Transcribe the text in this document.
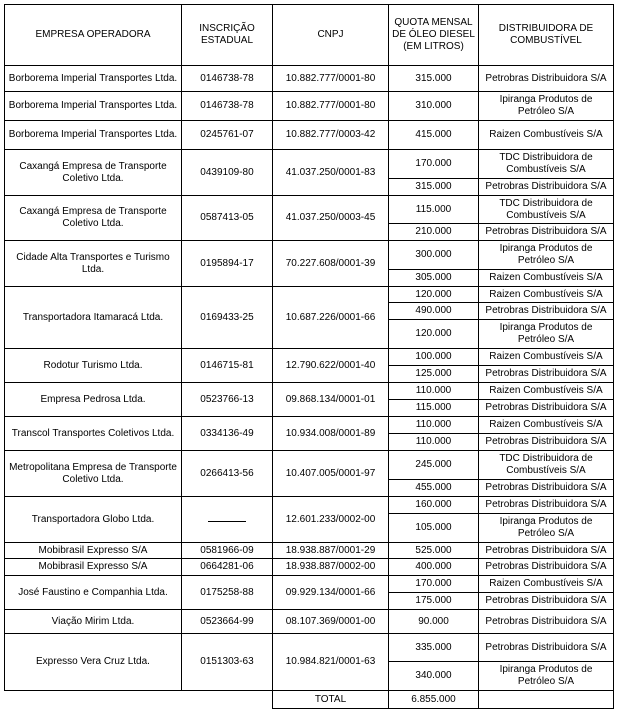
EMPRESA OPERADORA	INSCRIÇÃO ESTADUAL	CNPJ	QUOTA MENSAL DE ÓLEO DIESEL (EM LITROS)	DISTRIBUIDORA DE COMBUSTÍVEL
Borborema Imperial Transportes Ltda.	0146738-78	10.882.777/0001-80	315.000	Petrobras Distribuidora S/A
Borborema Imperial Transportes Ltda.	0146738-78	10.882.777/0001-80	310.000	Ipiranga Produtos de Petróleo S/A
Borborema Imperial Transportes Ltda.	0245761-07	10.882.777/0003-42	415.000	Raizen Combustíveis S/A
Caxangá Empresa de Transporte Coletivo Ltda.	0439109-80	41.037.250/0001-83	170.000	TDC Distribuidora de Combustíveis S/A
			315.000	Petrobras Distribuidora S/A
Caxangá Empresa de Transporte Coletivo Ltda.	0587413-05	41.037.250/0003-45	115.000	TDC Distribuidora de Combustíveis S/A
			210.000	Petrobras Distribuidora S/A
Cidade Alta Transportes e Turismo Ltda.	0195894-17	70.227.608/0001-39	300.000	Ipiranga Produtos de Petróleo S/A
			305.000	Raizen Combustíveis S/A
Transportadora Itamaracá Ltda.	0169433-25	10.687.226/0001-66	120.000	Raizen Combustíveis S/A
			490.000	Petrobras Distribuidora S/A
			120.000	Ipiranga Produtos de Petróleo S/A
Rodotur Turismo Ltda.	0146715-81	12.790.622/0001-40	100.000	Raizen Combustíveis S/A
			125.000	Petrobras Distribuidora S/A
Empresa Pedrosa Ltda.	0523766-13	09.868.134/0001-01	110.000	Raizen Combustíveis S/A
			115.000	Petrobras Distribuidora S/A
Transcol Transportes Coletivos Ltda.	0334136-49	10.934.008/0001-89	110.000	Raizen Combustíveis S/A
			110.000	Petrobras Distribuidora S/A
Metropolitana Empresa de Transporte Coletivo Ltda.	0266413-56	10.407.005/0001-97	245.000	TDC Distribuidora de Combustíveis S/A
			455.000	Petrobras Distribuidora S/A
Transportadora Globo Ltda.		12.601.233/0002-00	160.000	Petrobras Distribuidora S/A
			105.000	Ipiranga Produtos de Petróleo S/A
Mobibrasil Expresso S/A	0581966-09	18.938.887/0001-29	525.000	Petrobras Distribuidora S/A
Mobibrasil Expresso S/A	0664281-06	18.938.887/0002-00	400.000	Petrobras Distribuidora S/A
José Faustino e Companhia Ltda.	0175258-88	09.929.134/0001-66	170.000	Raizen Combustíveis S/A
			175.000	Petrobras Distribuidora S/A
Viação Mirim Ltda.	0523664-99	08.107.369/0001-00	90.000	Petrobras Distribuidora S/A
Expresso Vera Cruz Ltda.	0151303-63	10.984.821/0001-63	335.000	Petrobras Distribuidora S/A
			340.000	Ipiranga Produtos de Petróleo S/A
		TOTAL	6.855.000	
